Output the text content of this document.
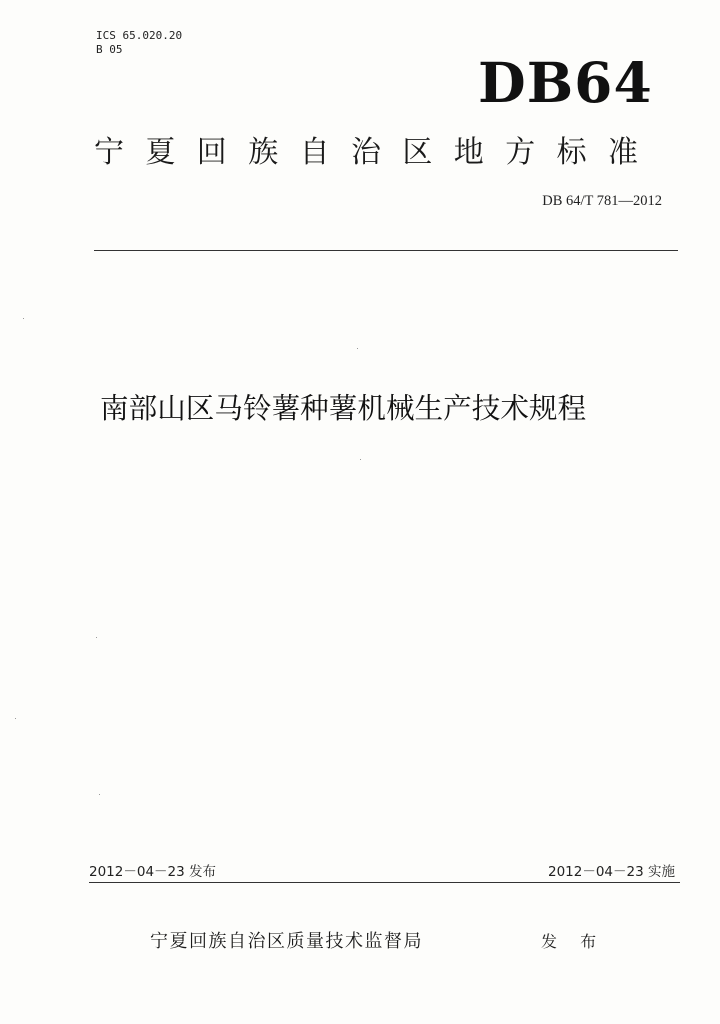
ICS 65.020.20
B 05
DB64
宁夏回族自治区地方标准
DB 64/T 781—2012
南部山区马铃薯种薯机械生产技术规程
2012－04－23 发布	2012－04－23 实施
宁夏回族自治区质量技术监督局	发 布
